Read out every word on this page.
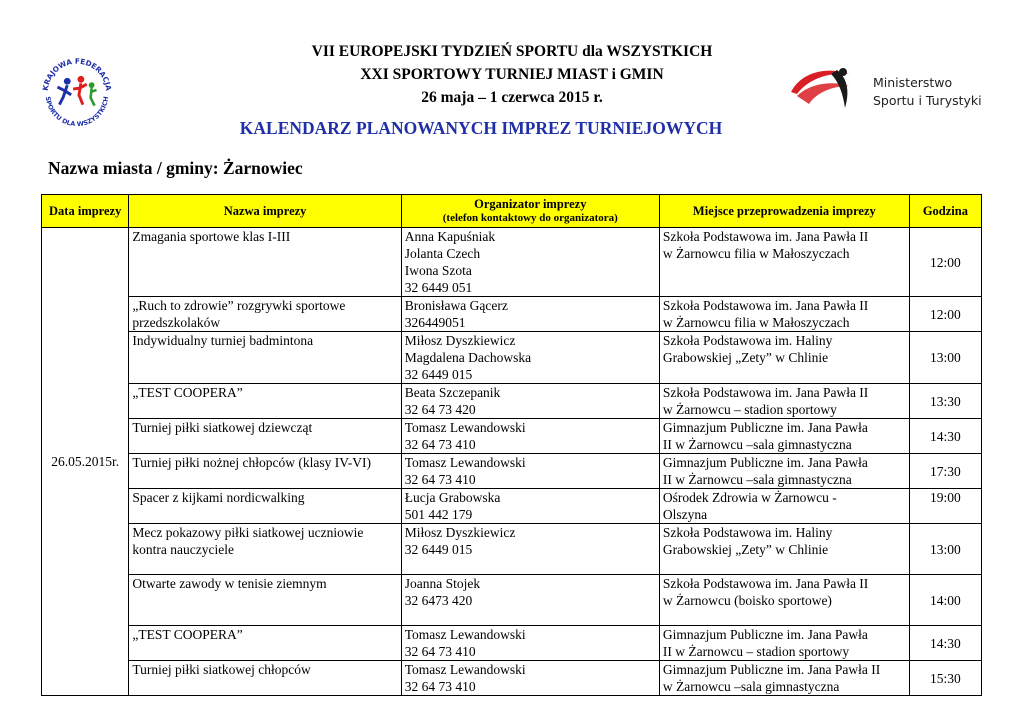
VII EUROPEJSKI TYDZIEŃ SPORTU dla WSZYSTKICH
XXI SPORTOWY TURNIEJ MIAST i GMIN
26 maja – 1 czerwca 2015 r.
KALENDARZ PLANOWANYCH IMPREZ TURNIEJOWYCH
KRAJOWA FEDERACJA
SPORTU DLA WSZYSTKICH
Ministerstwo
Sportu i Turystyki
Nazwa miasta / gminy: Żarnowiec
Data imprezy	Nazwa imprezy	Organizator imprezy
(telefon kontaktowy do organizatora)	Miejsce przeprowadzenia imprezy	Godzina
26.05.2015r.	Zmagania sportowe klas I-III	Anna Kapuśniak
Jolanta Czech
Iwona Szota
32 6449 051	Szkoła Podstawowa im. Jana Pawła II
w Żarnowcu filia w Małoszyczach	12:00
	„Ruch to zdrowie” rozgrywki sportowe przedszkolaków	Bronisława Gącerz
326449051	Szkoła Podstawowa im. Jana Pawła II
w Żarnowcu filia w Małoszyczach	12:00
	Indywidualny turniej badmintona	Miłosz Dyszkiewicz
Magdalena Dachowska
32 6449 015	Szkoła Podstawowa im. Haliny
Grabowskiej „Zety” w Chlinie	13:00
	„TEST COOPERA”	Beata Szczepanik
32 64 73 420	Szkoła Podstawowa im. Jana Pawła II
w Żarnowcu – stadion sportowy	13:30
	Turniej piłki siatkowej dziewcząt	Tomasz Lewandowski
32 64 73 410	Gimnazjum Publiczne im. Jana Pawła
II w Żarnowcu –sala gimnastyczna	14:30
	Turniej piłki nożnej chłopców (klasy IV-VI)	Tomasz Lewandowski
32 64 73 410	Gimnazjum Publiczne im. Jana Pawła
II w Żarnowcu –sala gimnastyczna	17:30
	Spacer z kijkami nordicwalking	Łucja Grabowska
501 442 179	Ośrodek Zdrowia w Żarnowcu -
Olszyna	19:00
	Mecz pokazowy piłki siatkowej uczniowie kontra nauczyciele	Miłosz Dyszkiewicz
32 6449 015	Szkoła Podstawowa im. Haliny
Grabowskiej „Zety” w Chlinie	13:00
	Otwarte zawody w tenisie ziemnym	Joanna Stojek
32 6473 420	Szkoła Podstawowa im. Jana Pawła II
w Żarnowcu (boisko sportowe)	14:00
	„TEST COOPERA”	Tomasz Lewandowski
32 64 73 410	Gimnazjum Publiczne im. Jana Pawła
II w Żarnowcu – stadion sportowy	14:30
	Turniej piłki siatkowej chłopców	Tomasz Lewandowski
32 64 73 410	Gimnazjum Publiczne im. Jana Pawła II
w Żarnowcu –sala gimnastyczna	15:30
